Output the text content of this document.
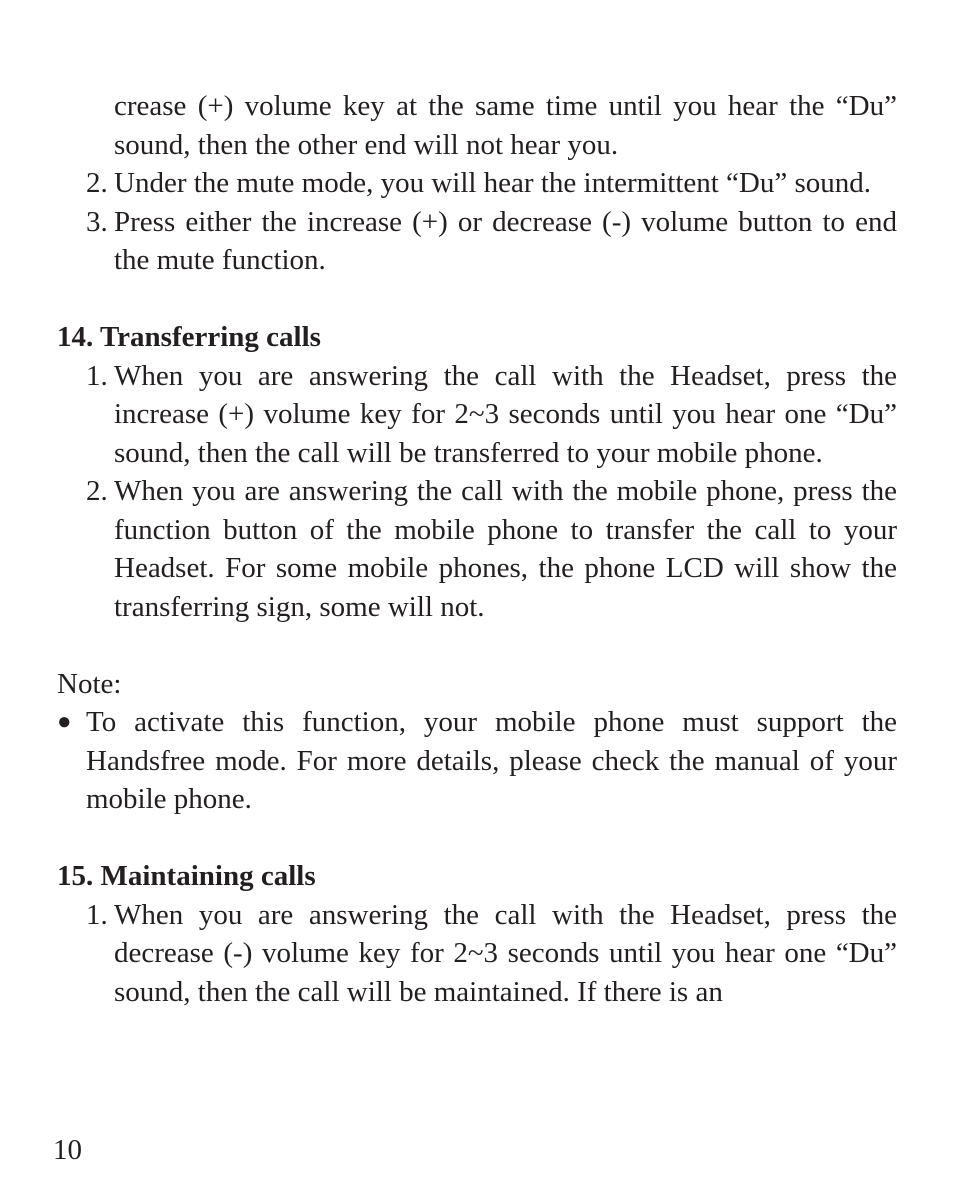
crease (+) volume key at the same time until you hear the “Du” sound, then the other end will not hear you.

2. Under the mute mode, you will hear the intermittent “Du” sound.
3. Press either the increase (+) or decrease (-) volume button to end the mute function.

14. Transferring calls

1. When you are answering the call with the Headset, press the increase (+) volume key for 2~3 seconds until you hear one “Du” sound, then the call will be transferred to your mobile phone.
2. When you are answering the call with the mobile phone, press the function button of the mobile phone to transfer the call to your Headset. For some mobile phones, the phone LCD will show the transferring sign, some will not.

Note:

● To activate this function, your mobile phone must support the Handsfree mode. For more details, please check the manual of your mobile phone.

15. Maintaining calls

1. When you are answering the call with the Headset, press the decrease (-) volume key for 2~3 seconds until you hear one “Du” sound, then the call will be maintained. If there is an
10
